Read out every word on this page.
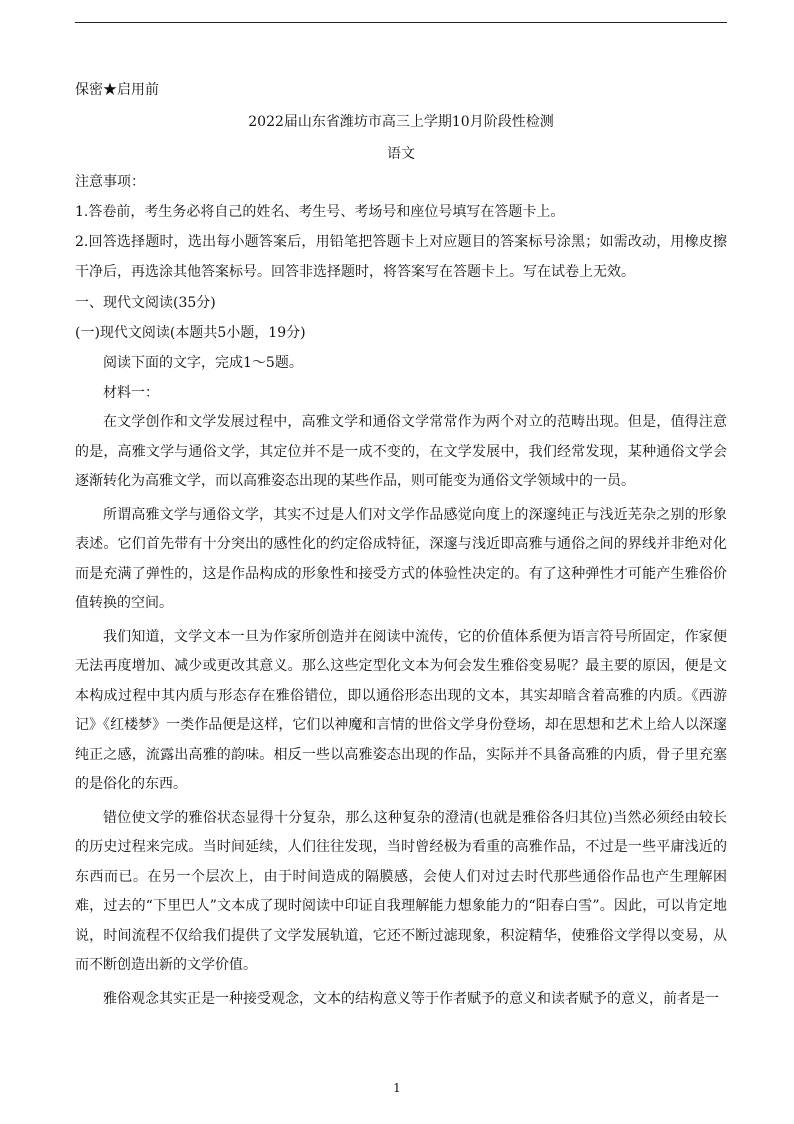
保密★启用前
2022届山东省潍坊市高三上学期10月阶段性检测
语文
注意事项：
1.答卷前，考生务必将自己的姓名、考生号、考场号和座位号填写在答题卡上。

2.回答选择题时，选出每小题答案后，用铅笔把答题卡上对应题目的答案标号涂黑；如需改动，用橡皮擦干净后，再选涂其他答案标号。回答非选择题时，将答案写在答题卡上。写在试卷上无效。

一、现代文阅读(35分)
(一)现代文阅读(本题共5小题，19分)
阅读下面的文字，完成1～5题。
材料一：

在文学创作和文学发展过程中，高雅文学和通俗文学常常作为两个对立的范畴出现。但是，值得注意的是，高雅文学与通俗文学，其定位并不是一成不变的，在文学发展中，我们经常发现，某种通俗文学会逐渐转化为高雅文学，而以高雅姿态出现的某些作品，则可能变为通俗文学领域中的一员。

所谓高雅文学与通俗文学，其实不过是人们对文学作品感觉向度上的深邃纯正与浅近芜杂之别的形象表述。它们首先带有十分突出的感性化的约定俗成特征，深邃与浅近即高雅与通俗之间的界线并非绝对化而是充满了弹性的，这是作品构成的形象性和接受方式的体验性决定的。有了这种弹性才可能产生雅俗价值转换的空间。

我们知道，文学文本一旦为作家所创造并在阅读中流传，它的价值体系便为语言符号所固定，作家便无法再度增加、减少或更改其意义。那么这些定型化文本为何会发生雅俗变易呢？最主要的原因，便是文本构成过程中其内质与形态存在雅俗错位，即以通俗形态出现的文本，其实却暗含着高雅的内质。《西游记》《红楼梦》一类作品便是这样，它们以神魔和言情的世俗文学身份登场，却在思想和艺术上给人以深邃纯正之感，流露出高雅的韵味。相反一些以高雅姿态出现的作品，实际并不具备高雅的内质，骨子里充塞的是俗化的东西。

错位使文学的雅俗状态显得十分复杂，那么这种复杂的澄清(也就是雅俗各归其位)当然必须经由较长的历史过程来完成。当时间延续，人们往往发现，当时曾经极为看重的高雅作品，不过是一些平庸浅近的东西而已。在另一个层次上，由于时间造成的隔膜感，会使人们对过去时代那些通俗作品也产生理解困难，过去的“下里巴人”文本成了现时阅读中印证自我理解能力想象能力的“阳春白雪”。因此，可以肯定地说，时间流程不仅给我们提供了文学发展轨道，它还不断过滤现象，积淀精华，使雅俗文学得以变易，从而不断创造出新的文学价值。

雅俗观念其实正是一种接受观念，文本的结构意义等于作者赋予的意义和读者赋予的意义，前者是一

1
